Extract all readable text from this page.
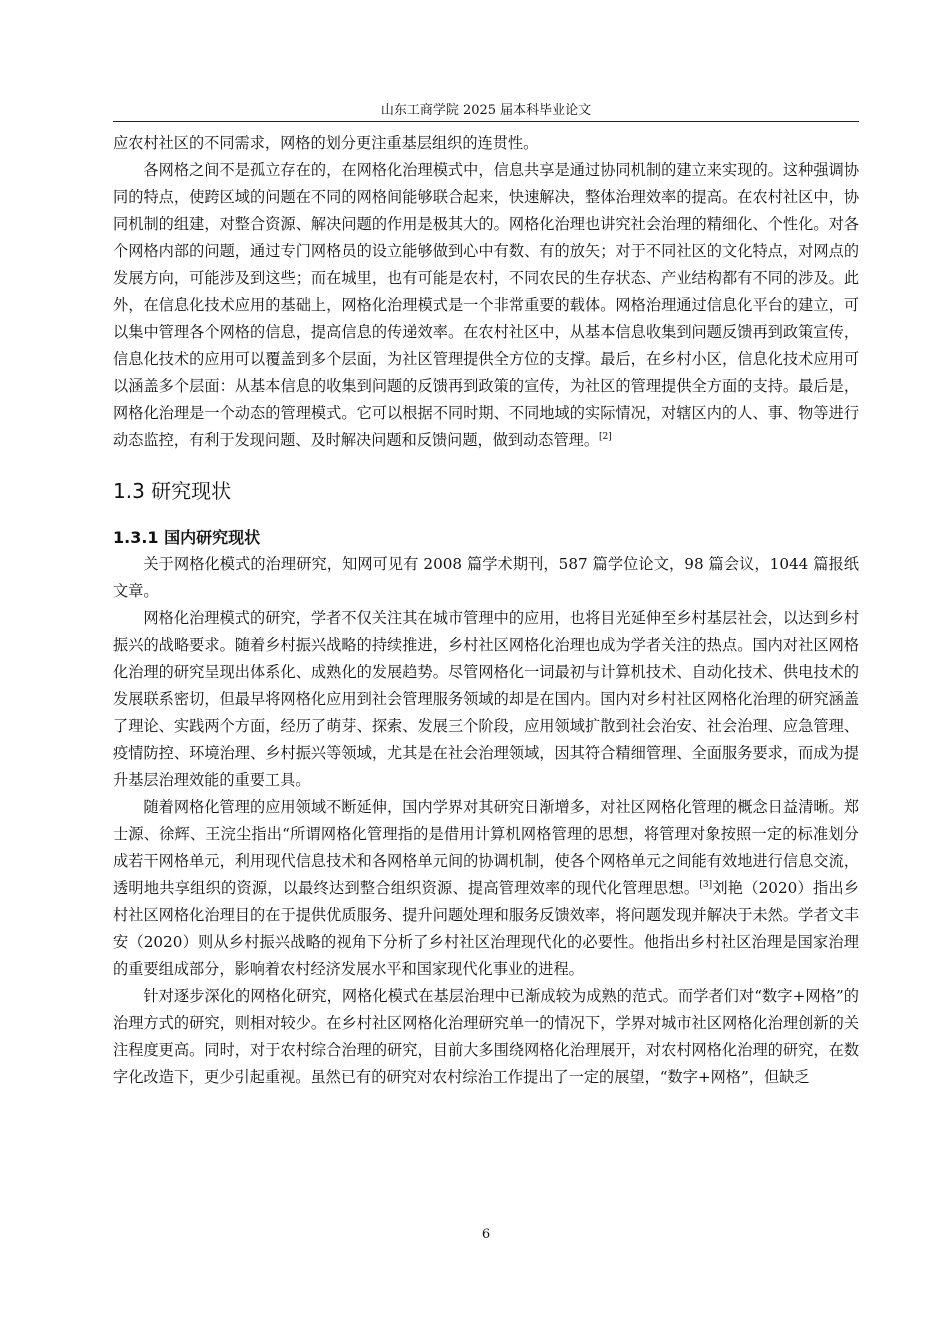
山东工商学院 2025 届本科毕业论文

应农村社区的不同需求，网格的划分更注重基层组织的连贯性。

各网格之间不是孤立存在的，在网格化治理模式中，信息共享是通过协同机制的建立来实现的。这种强调协同的特点，使跨区域的问题在不同的网格间能够联合起来，快速解决，整体治理效率的提高。在农村社区中，协同机制的组建，对整合资源、解决问题的作用是极其大的。网格化治理也讲究社会治理的精细化、个性化。对各个网格内部的问题，通过专门网格员的设立能够做到心中有数、有的放矢；对于不同社区的文化特点，对网点的发展方向，可能涉及到这些；而在城里，也有可能是农村，不同农民的生存状态、产业结构都有不同的涉及。此外，在信息化技术应用的基础上，网格化治理模式是一个非常重要的载体。网格治理通过信息化平台的建立，可以集中管理各个网格的信息，提高信息的传递效率。在农村社区中，从基本信息收集到问题反馈再到政策宣传，信息化技术的应用可以覆盖到多个层面，为社区管理提供全方位的支撑。最后，在乡村小区，信息化技术应用可以涵盖多个层面：从基本信息的收集到问题的反馈再到政策的宣传，为社区的管理提供全方面的支持。最后是，网格化治理是一个动态的管理模式。它可以根据不同时期、不同地域的实际情况，对辖区内的人、事、物等进行动态监控，有利于发现问题、及时解决问题和反馈问题，做到动态管理。[2]

1.3 研究现状
1.3.1 国内研究现状

关于网格化模式的治理研究，知网可见有 2008 篇学术期刊，587 篇学位论文，98 篇会议，1044 篇报纸文章。

网格化治理模式的研究，学者不仅关注其在城市管理中的应用，也将目光延伸至乡村基层社会，以达到乡村振兴的战略要求。随着乡村振兴战略的持续推进，乡村社区网格化治理也成为学者关注的热点。国内对社区网格化治理的研究呈现出体系化、成熟化的发展趋势。尽管网格化一词最初与计算机技术、自动化技术、供电技术的发展联系密切，但最早将网格化应用到社会管理服务领域的却是在国内。国内对乡村社区网格化治理的研究涵盖了理论、实践两个方面，经历了萌芽、探索、发展三个阶段，应用领域扩散到社会治安、社会治理、应急管理、疫情防控、环境治理、乡村振兴等领域，尤其是在社会治理领域，因其符合精细管理、全面服务要求，而成为提升基层治理效能的重要工具。

随着网格化管理的应用领域不断延伸，国内学界对其研究日渐增多，对社区网格化管理的概念日益清晰。郑士源、徐辉、王浣尘指出“所谓网格化管理指的是借用计算机网格管理的思想，将管理对象按照一定的标准划分成若干网格单元，利用现代信息技术和各网格单元间的协调机制，使各个网格单元之间能有效地进行信息交流，透明地共享组织的资源，以最终达到整合组织资源、提高管理效率的现代化管理思想。[3]刘艳（2020）指出乡村社区网格化治理目的在于提供优质服务、提升问题处理和服务反馈效率，将问题发现并解决于未然。学者文丰安（2020）则从乡村振兴战略的视角下分析了乡村社区治理现代化的必要性。他指出乡村社区治理是国家治理的重要组成部分，影响着农村经济发展水平和国家现代化事业的进程。

针对逐步深化的网格化研究，网格化模式在基层治理中已渐成较为成熟的范式。而学者们对“数字+网格”的治理方式的研究，则相对较少。在乡村社区网格化治理研究单一的情况下，学界对城市社区网格化治理创新的关注程度更高。同时，对于农村综合治理的研究，目前大多围绕网格化治理展开，对农村网格化治理的研究，在数字化改造下，更少引起重视。虽然已有的研究对农村综治工作提出了一定的展望，“数字+网格”，但缺乏

6
